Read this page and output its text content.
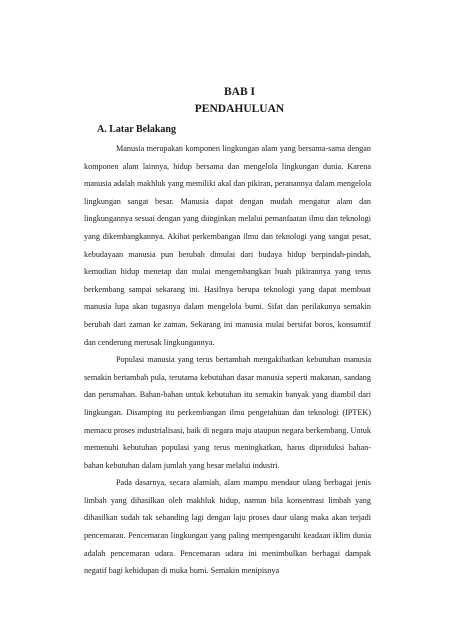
BAB I
PENDAHULUAN
A. Latar Belakang

Manusia merupakan komponen lingkungan alam yang bersama-sama dengan komponen alam lainnya, hidup bersama dan mengelola lingkungan dunia. Karena manusia adalah makhluk yang memiliki akal dan pikiran, peranannya dalam mengelola lingkungan sangat besar. Manusia dapat dengan mudah mengatur alam dan lingkungannya sesuai dengan yang diinginkan melalui pemanfaatan ilmu dan teknologi yang dikembangkannya. Akibat perkembangan ilmu dan teknologi yang sangat pesat, kebudayaan manusia pun berubah dimulai dari budaya hidup berpindah-pindah, kemudian hidup menetap dan mulai mengembangkan buah pikirannya yang terus berkembang sampai sekarang ini. Hasilnya berupa teknologi yang dapat membuat manusia lupa akan tugasnya dalam mengelola bumi. Sifat dan perilakunya semakin berubah dari zaman ke zaman. Sekarang ini manusia mulai bersifat boros, konsumtif dan cenderung merusak lingkungannya.

Populasi manusia yang terus bertambah mengakibatkan kebutuhan manusia semakin bertambah pula, terutama kebutuhan dasar manusia seperti makanan, sandang dan perumahan. Bahan-bahan untuk kebutuhan itu semakin banyak yang diambil dari lingkungan. Disamping itu perkembangan ilmu pengetahuan dan teknologi (IPTEK) memacu proses industrialisasi, baik di negara maju ataupun negara berkembang. Untuk memenuhi kebutuhan populasi yang terus meningkatkan, harus diproduksi bahan-bahan kebutuhan dalam jumlah yang besar melalui industri.

Pada dasarnya, secara alamiah, alam mampu mendaur ulang berbagai jenis limbah yang dihasilkan oleh makhluk hidup, namun bila konsentrasi limbah yang dihasilkan sudah tak sebanding lagi dengan laju proses daur ulang maka akan terjadi pencemaran. Pencemaran lingkungan yang paling mempengaruhi keadaan iklim dunia adalah pencemaran udara. Pencemaran udara ini menimbulkan berbagai dampak negatif bagi kehidupan di muka bumi. Semakin menipisnya
